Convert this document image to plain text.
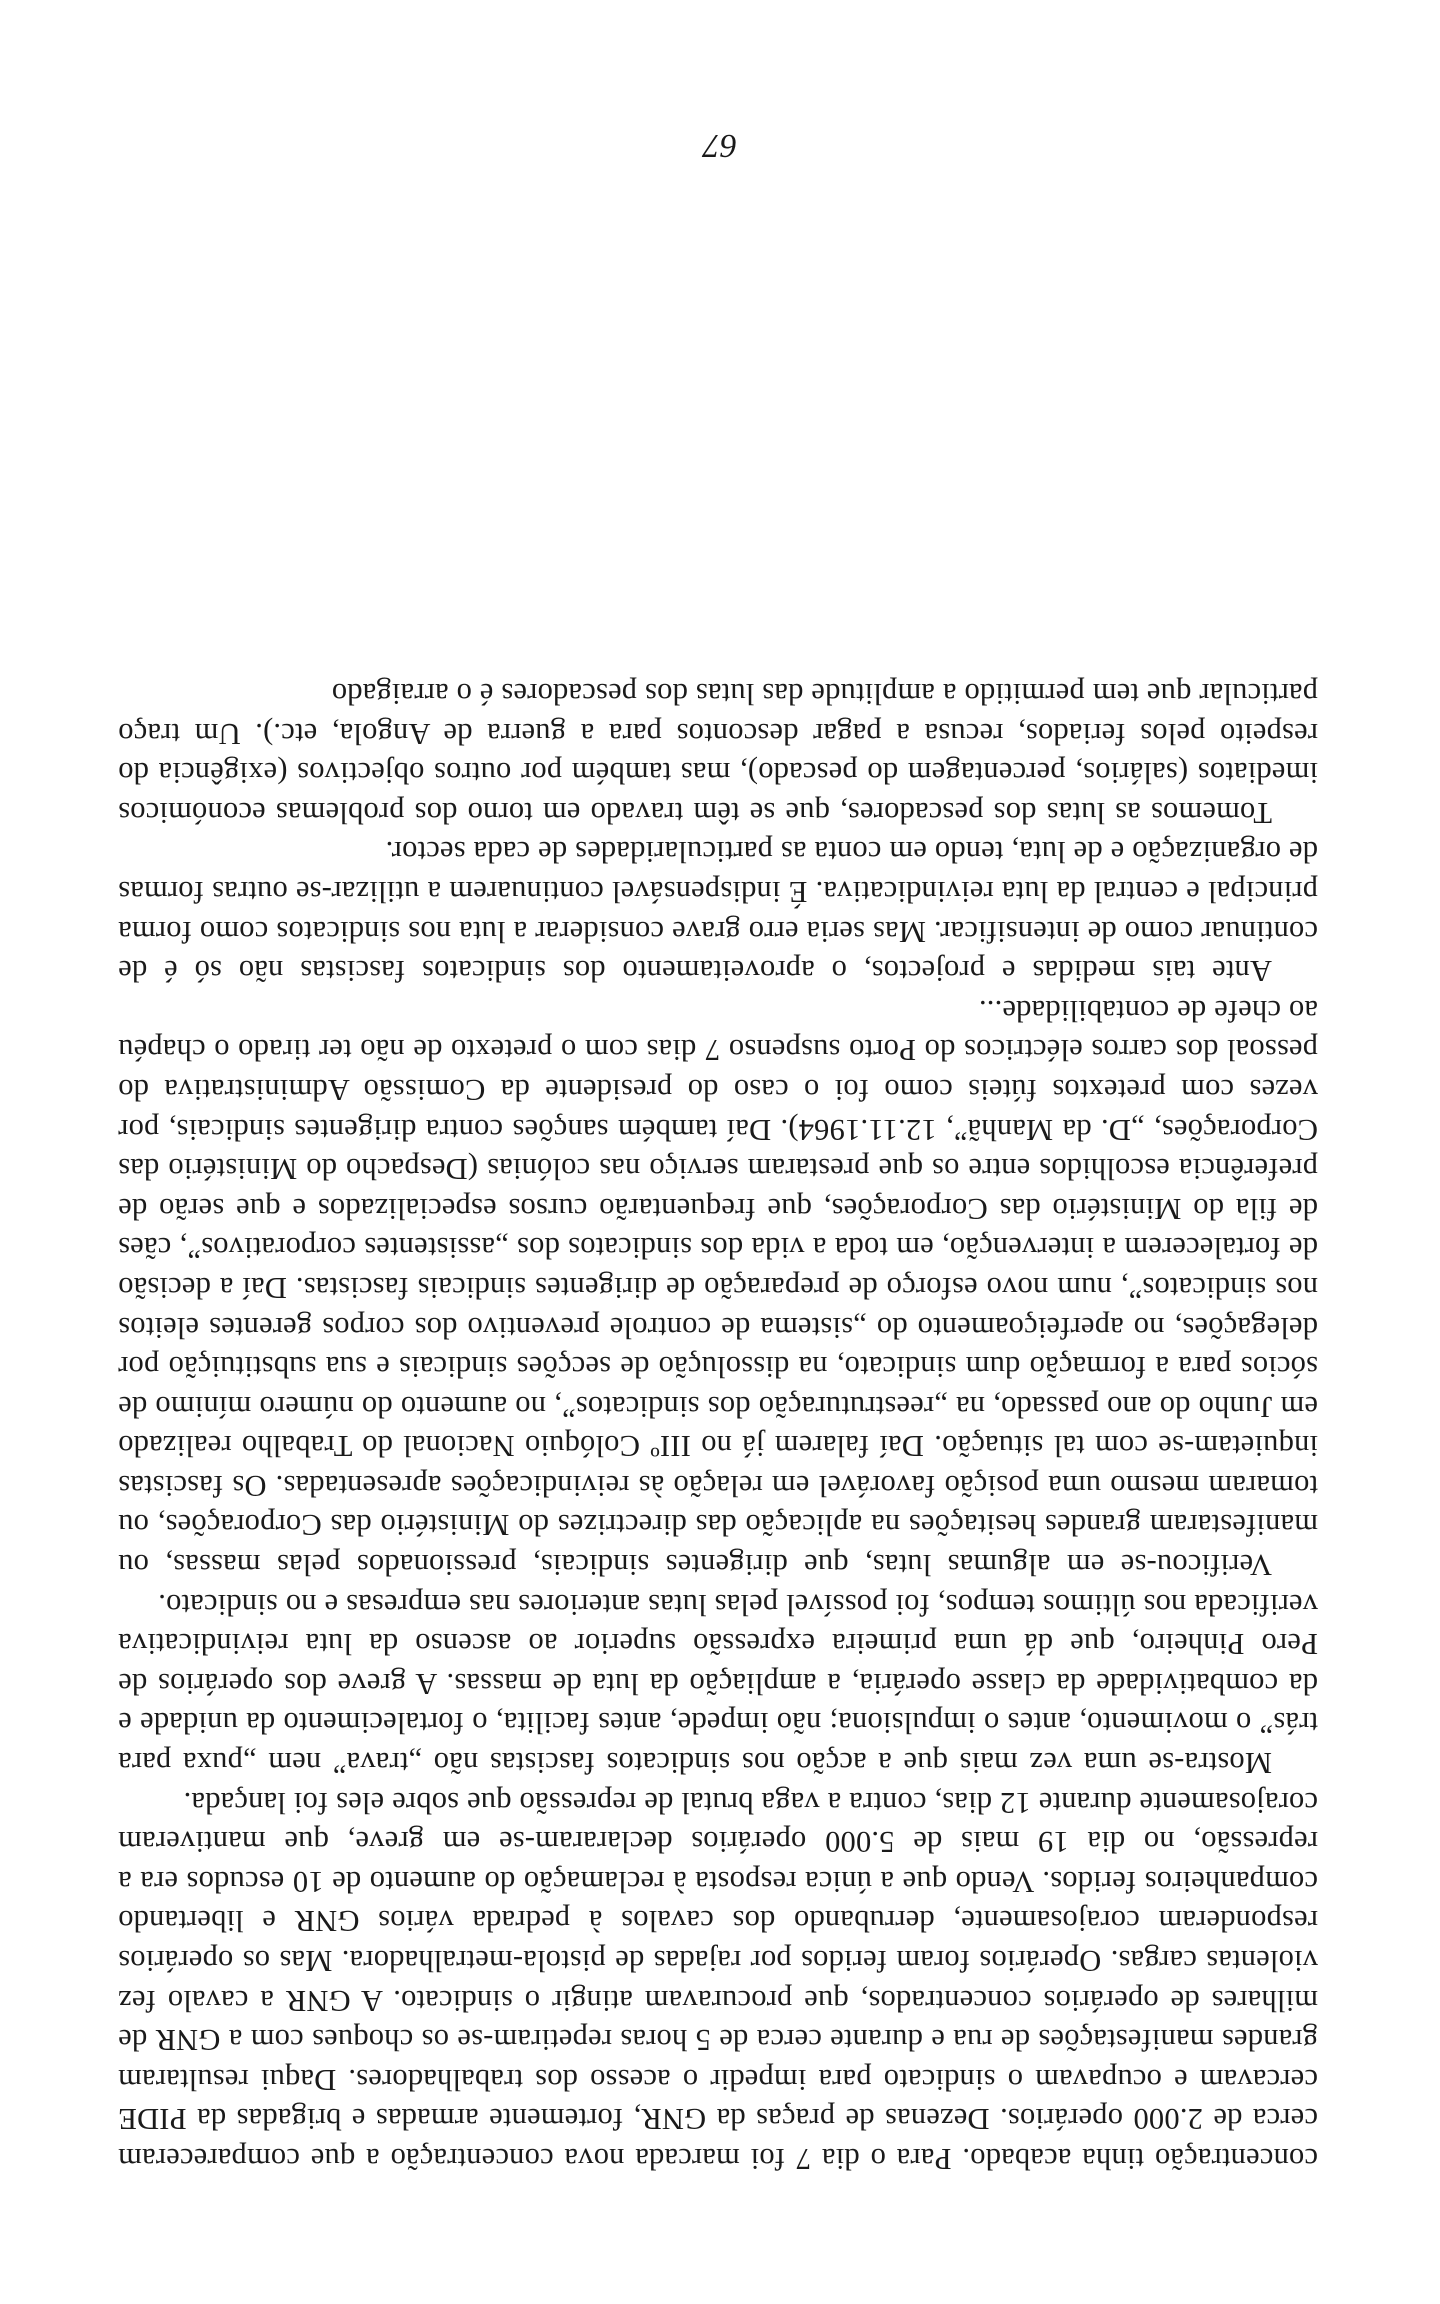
concentração tinha acabado. Para o dia 7 foi marcada nova concentração a que compareceram cerca de 2.000 operários. Dezenas de praças da GNR, fortemente armadas e brigadas da PIDE cercavam e ocupavam o sindicato para impedir o acesso dos trabalhadores. Daqui resultaram grandes manifestações de rua e durante cerca de 5 horas repetiram-se os choques com a GNR de milhares de operários concentrados, que procuravam atingir o sindicato. A GNR a cavalo fez violentas cargas. Operários foram feridos por rajadas de pistola-metralhadora. Mas os operários responderam corajosamente, derrubando dos cavalos à pedrada vários GNR e libertando companheiros feridos. Vendo que a única resposta à reclamação do aumento de 10 escudos era a repressão, no dia 19 mais de 5.000 operários declararam-se em greve, que mantiveram corajosamente durante 12 dias, contra a vaga brutal de repressão que sobre eles foi lançada.

Mostra-se uma vez mais que a acção nos sindicatos fascistas não „trava” nem „puxa para trás” o movimento, antes o impulsiona; não impede, antes facilita, o fortalecimento da unidade e da combatividade da classe operária, a ampliação da luta de massas. A greve dos operários de Pero Pinheiro, que dá uma primeira expressão superior ao ascenso da luta reivindicativa verificada nos últimos tempos, foi possível pelas lutas anteriores nas empresas e no sindicato.

Verificou-se em algumas lutas, que dirigentes sindicais, pressionados pelas massas, ou manifestaram grandes hesitações na aplicação das directrizes do Ministério das Corporações, ou tomaram mesmo uma posição favorável em relação às reivindicações apresentadas. Os fascistas inquietam-se com tal situação. Daí falarem já no IIIº Colóquio Nacional do Trabalho realizado em Junho do ano passado, na „reestruturação dos sindicatos”, no aumento do número mínimo de sócios para a formação dum sindicato, na dissolução de secções sindicais e sua substituição por delegações, no aperfeiçoamento do „sistema de controle preventivo dos corpos gerentes eleitos nos sindicatos”, num novo esforço de preparação de dirigentes sindicais fascistas. Daí a decisão de fortalecerem a intervenção, em toda a vida dos sindicatos dos „assistentes corporativos”, cães de fila do Ministério das Corporações, que frequentarão cursos especializados e que serão de preferência escolhidos entre os que prestaram serviço nas colónias (Despacho do Ministério das Corporações, „D. da Manhã”, 12.11.1964). Daí também sanções contra dirigentes sindicais, por vezes com pretextos fúteis como foi o caso do presidente da Comissão Administrativa do pessoal dos carros eléctricos do Porto suspenso 7 dias com o pretexto de não ter tirado o chapéu ao chefe de contabilidade...

Ante tais medidas e projectos, o aproveitamento dos sindicatos fascistas não só é de continuar como de intensificar. Mas seria erro grave considerar a luta nos sindicatos como forma principal e central da luta reivindicativa. É indispensável continuarem a utilizar-se outras formas de organização e de luta, tendo em conta as particularidades de cada sector.

Tomemos as lutas dos pescadores, que se têm travado em torno dos problemas económicos imediatos (salários, percentagem do pescado), mas também por outros objectivos (exigência do respeito pelos feriados, recusa a pagar descontos para a guerra de Angola, etc.). Um traço particular que tem permitido a amplitude das lutas dos pescadores é o arraigado

67
